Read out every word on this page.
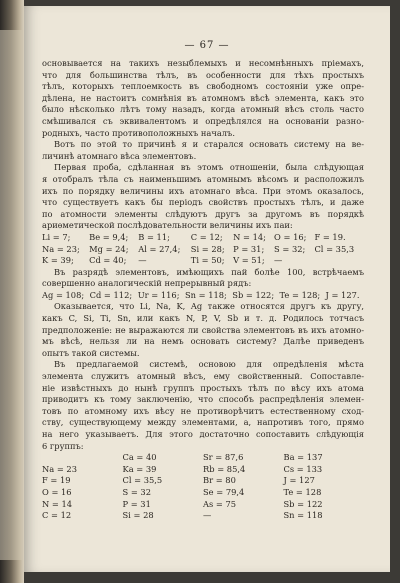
— 67 —
основывается на такихъ незыблемыхъ и несомнѣнныхъ пріемахъ,
что для большинства тѣлъ, въ особенности для тѣхъ простыхъ
тѣлъ, которыхъ теплоемкость въ свободномъ состояніи уже опре-
дѣлена, не настоитъ сомнѣнія въ атомномъ вѣсѣ элемента, какъ это
было нѣсколько лѣтъ тому назадъ, когда атомный вѣсъ столь часто
смѣшивался съ эквивалентомъ и опредѣлялся на основаніи разно-
родныхъ, часто противоположныхъ началъ.
Вотъ по этой то причинѣ я и старался основать систему на ве-
личинѣ атомнаго вѣса элементовъ.
Первая проба, сдѣланная въ этомъ отношеніи, была слѣдующая
я отобралъ тѣла съ наименьшимъ атомнымъ вѣсомъ и расположилъ
ихъ по порядку величины ихъ атомнаго вѣса. При этомъ оказалось,
что существуетъ какъ бы періодъ свойствъ простыхъ тѣлъ, и даже
по атомности элементы слѣдуютъ другъ за другомъ въ порядкѣ
ариѳметической послѣдовательности величины ихъ паи:
Li = 7;	Be = 9,4;	B = 11;	C = 12;	N = 14;	O = 16;	F = 19.
Na = 23;	Mg = 24;	Al = 27,4;	Si = 28;	P = 31;	S = 32;	Cl = 35,3
K = 39;	Cd = 40;	—	Ti = 50;	V = 51;	—	
Въ разрядѣ элементовъ, имѣющихъ пай болѣе 100, встрѣчаемъ
совершенно аналогическій непрерывный рядъ:
Ag = 108;	Cd = 112;	Ur = 116;	Sn = 118;	Sb = 122;	Te = 128;	J = 127.
Оказывается, что Li, Na, K, Ag также относятся другъ къ другу,
какъ C, Si, Ti, Sn, или какъ N, P, V, Sb и т. д. Родилось тотчасъ
предположеніе: не выражаются ли свойства элементовъ въ ихъ атомно-
мъ вѣсѣ, нельзя ли на немъ основать систему? Далѣе приведенъ
опытъ такой системы.
Въ предлагаемой системѣ, основою для опредѣленія мѣста
элемента служитъ атомный вѣсъ, ему свойственный. Сопоставле-
ніе извѣстныхъ до нынѣ группъ простыхъ тѣлъ по вѣсу ихъ атома
приводитъ къ тому заключенію, что способъ распредѣленія элемен-
товъ по атомному ихъ вѣсу не противорѣчитъ естественному сход-
ству, существующему между элементами, а, напротивъ того, прямо
на него указываетъ. Для этого достаточно сопоставить слѣдующія
6 группъ:
	Ca = 40	Sr = 87,6	Ba = 137
Na = 23	Ka = 39	Rb = 85,4	Cs = 133
F = 19	Cl = 35,5	Br = 80	J = 127
O = 16	S = 32	Se = 79,4	Te = 128
N = 14	P = 31	As = 75	Sb = 122
C = 12	Si = 28	—	Sn = 118
